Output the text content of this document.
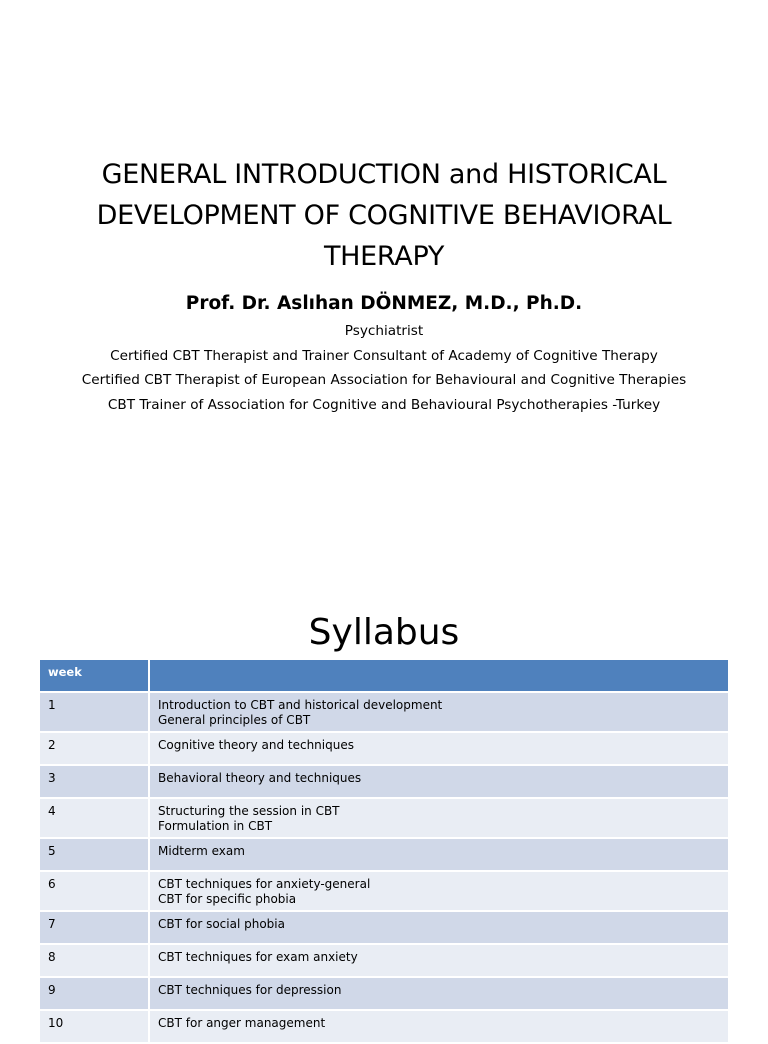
GENERAL INTRODUCTION and HISTORICAL
DEVELOPMENT OF COGNITIVE BEHAVIORAL
THERAPY
Prof. Dr. Aslıhan DÖNMEZ, M.D., Ph.D.
Psychiatrist
Certified CBT Therapist and Trainer Consultant of Academy of Cognitive Therapy
Certified CBT Therapist of European Association for Behavioural and Cognitive Therapies
CBT Trainer of Association for Cognitive and Behavioural Psychotherapies -Turkey
Syllabus
week	
1	Introduction to CBT and historical development
General principles of CBT

2	Cognitive theory and techniques

3	Behavioral theory and techniques

4	Structuring the session in CBT
Formulation in CBT

5	Midterm exam

6	CBT techniques for anxiety-general
CBT for specific phobia

7	CBT for social phobia

8	CBT techniques for exam anxiety

9	CBT techniques for depression

10	CBT for anger management
